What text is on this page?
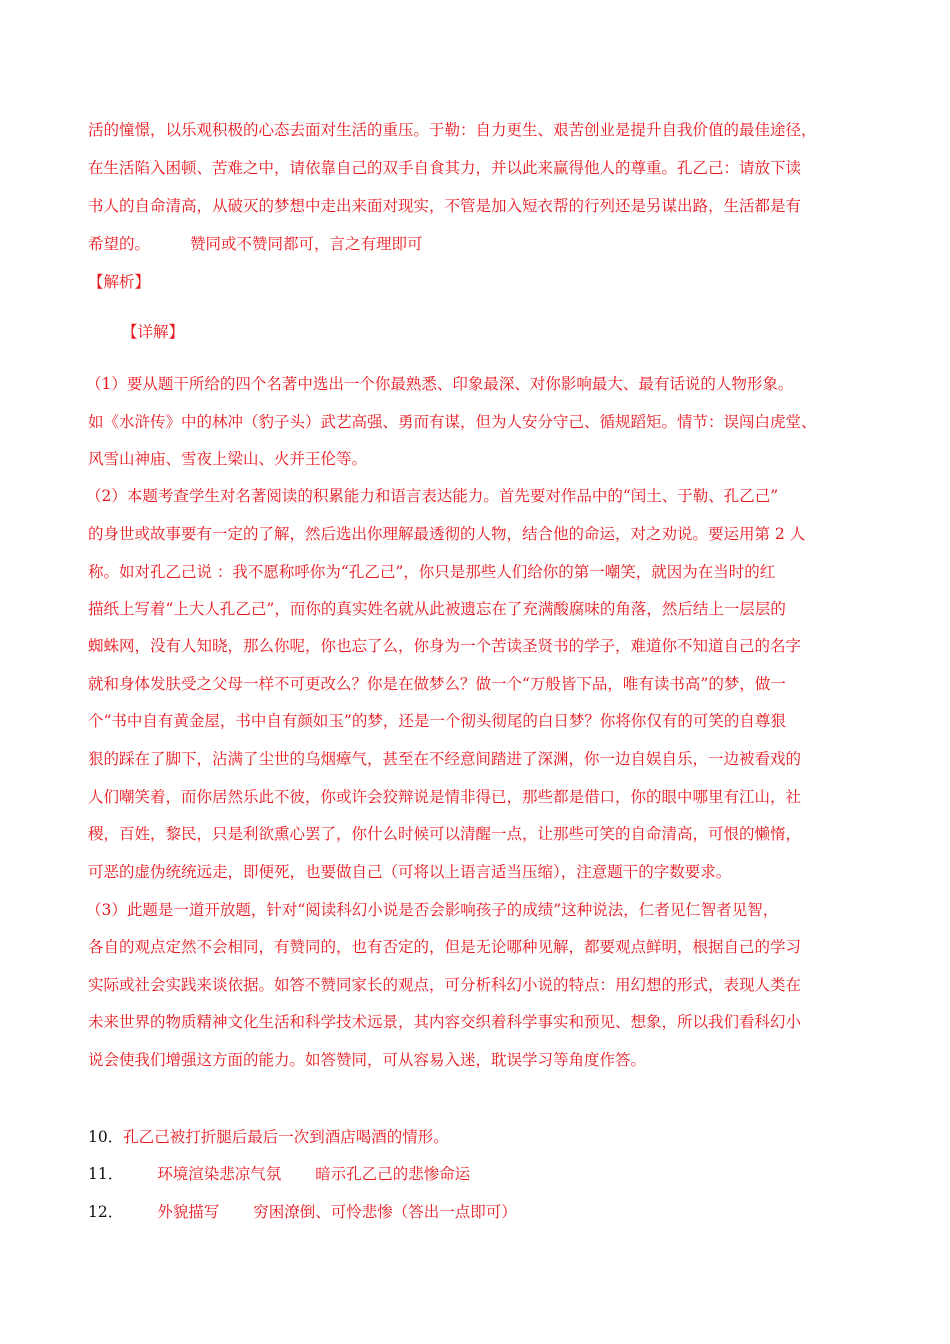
活的憧憬，以乐观积极的心态去面对生活的重压。于勒：自力更生、艰苦创业是提升自我价值的最佳途径，
在生活陷入困顿、苦难之中，请依靠自己的双手自食其力，并以此来赢得他人的尊重。孔乙己：请放下读
书人的自命清高，从破灭的梦想中走出来面对现实，不管是加入短衣帮的行列还是另谋出路，生活都是有
希望的。	赞同或不赞同都可，言之有理即可
【解析】
【详解】
（1）要从题干所给的四个名著中选出一个你最熟悉、印象最深、对你影响最大、最有话说的人物形象。
如《水浒传》中的林冲（豹子头）武艺高强、勇而有谋，但为人安分守己、循规蹈矩。情节：误闯白虎堂、
风雪山神庙、雪夜上梁山、火并王伦等。
（2）本题考查学生对名著阅读的积累能力和语言表达能力。首先要对作品中的“闰土、于勒、孔乙己”
的身世或故事要有一定的了解，然后选出你理解最透彻的人物，结合他的命运，对之劝说。要运用第 2 人
称。如对孔乙己说 ：我不愿称呼你为“孔乙己”，你只是那些人们给你的第一嘲笑，就因为在当时的红
描纸上写着“上大人孔乙己”，而你的真实姓名就从此被遗忘在了充满酸腐味的角落，然后结上一层层的
蜘蛛网，没有人知晓，那么你呢，你也忘了么，你身为一个苦读圣贤书的学子，难道你不知道自己的名字
就和身体发肤受之父母一样不可更改么？你是在做梦么？做一个“万般皆下品，唯有读书高”的梦，做一
个“书中自有黄金屋，书中自有颜如玉”的梦，还是一个彻头彻尾的白日梦？你将你仅有的可笑的自尊狠
狠的踩在了脚下，沾满了尘世的乌烟瘴气，甚至在不经意间踏进了深渊，你一边自娱自乐，一边被看戏的
人们嘲笑着，而你居然乐此不彼，你或许会狡辩说是情非得已，那些都是借口，你的眼中哪里有江山，社
稷，百姓，黎民，只是利欲熏心罢了，你什么时候可以清醒一点，让那些可笑的自命清高，可恨的懒惰，
可恶的虚伪统统远走，即便死，也要做自己（可将以上语言适当压缩），注意题干的字数要求。
（3）此题是一道开放题，针对“阅读科幻小说是否会影响孩子的成绩”这种说法，仁者见仁智者见智，
各自的观点定然不会相同，有赞同的，也有否定的，但是无论哪种见解，都要观点鲜明，根据自己的学习
实际或社会实践来谈依据。如答不赞同家长的观点，可分析科幻小说的特点：用幻想的形式，表现人类在
未来世界的物质精神文化生活和科学技术远景，其内容交织着科学事实和预见、想象，所以我们看科幻小
说会使我们增强这方面的能力。如答赞同，可从容易入迷，耽误学习等角度作答。
10．孔乙己被打折腿后最后一次到酒店喝酒的情形。
11． 环境渲染悲凉气氛 暗示孔乙己的悲惨命运
12． 外貌描写 穷困潦倒、可怜悲惨（答出一点即可）
